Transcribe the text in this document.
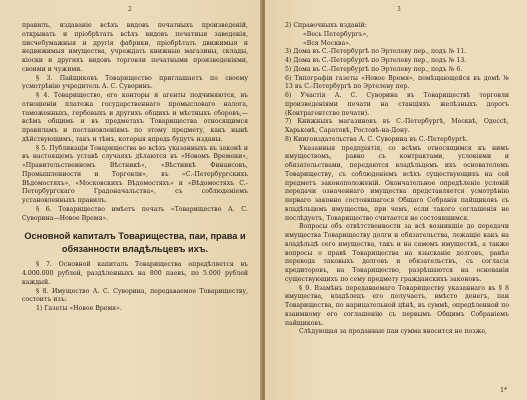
2

правилъ, издаваніе всѣхъ видовъ печатныхъ произведеній, открывать и пріобрѣтать всѣхъ видовъ печатныя заведенія, писчебумажныя и другія фабрики, пріобрѣтать движимыя и недвижимыя имущества, учреждать книжные магазины, склады, кіоски и другихъ видовъ торговли печатными произведеніями, своими и чужими.

§ 3. Пайщиковъ Товарищество приглашаетъ по своему усмотрѣнію учредитель А. С. Суворинъ.

§ 4. Товарищество, его конторы и агенты подчиняются, въ отношеніи платежа государственнаго промысловаго налога, таможенныхъ, гербовыхъ и другихъ общихъ и мѣстныхъ сборовъ,—всѣмъ общимъ и въ предметахъ Товарищества относящимся правиламъ и постановленіямъ по этому предмету, какъ нынѣ дѣйствующимъ, такъ и тѣмъ, которыя впредь будутъ изданы.

§ 5. Публикаціи Товарищества во всѣхъ указанныхъ въ законѣ и въ настоящемъ уставѣ случаяхъ дѣлаются въ «Новомъ Времени», «Правительственномъ Вѣстникѣ», «Вѣстникѣ Финансовъ, Промышленности и Торговли», въ «С.-Петербургскихъ Вѣдомостяхъ», «Московскихъ Вѣдомостяхъ» и «Вѣдомостяхъ С.-Петербургскаго Градоначальства», съ соблюденіемъ установленныхъ правилъ.

§ 6. Товарищество имѣетъ печать «Товарищество А. С. Суворина—Новое Время».

Основной капиталъ Товарищества, паи, права и обязанности владѣльцевъ ихъ.

§ 7. Основной капиталъ Товарищества опредѣляется въ 4.000.000 рублей, раздѣленныхъ на 800 паевъ, по 5.000 рублей каждый.

§ 8. Имущество А. С. Суворина, передаваемое Товариществу, состоитъ изъ:

1) Газеты «Новое Время».

3

2) Справочныхъ изданій:

«Весь Петербургъ»,

«Вся Москва».

3) Дома въ С.-Петербургѣ по Эртелеву пер., подъ № 11.

4) Дома въ С.-Петербургѣ по Эртелеву пер., подъ № 13.

5) Дома въ С.-Петербургѣ по Эртелеву пер., подъ № 6.

6) Типографіи газеты «Новое Время», помѣщающейся въ домѣ № 13 въ С.-Петербургѣ по Эртелеву пер.

6) Участія А. С. Суворина въ Товариществѣ торговли произведеніями печати на станціяхъ желѣзныхъ дорогъ (Контрагентство печати).

7) Книжныхъ магазиновъ въ С.-Петербургѣ, Москвѣ, Одессѣ, Харьковѣ, Саратовѣ, Ростовѣ-на-Дону.

8) Книгоиздательства А. С. Суворина въ С.-Петербургѣ.

Указанныя предпріятія, со всѣмъ относящимся къ нимъ имуществомъ, равно съ контрактами, условіями и обязательствами, передаются владѣльцемъ ихъ основателемъ Товариществу, съ соблюденіемъ всѣхъ существующихъ на сей предметъ законоположеній. Окончательное опредѣленіе условій передачи означеннаго имущества представляется усмотрѣнію перваго законно состоявшагося Общаго Собранія пайщиковъ съ владѣльцемъ имущества, при чемъ, если такого соглашенія не послѣдуетъ, Товарищество считается не состоявшимся.

Вопросы объ отвѣтственности за всѣ возникшіе до передачи имущества Товариществу долги и обязательства, лежащіе какъ на владѣльцѣ сего имущества, такъ и на самомъ имуществѣ, а также вопросы о правѣ Товарищества на взысканіе долговъ, ранѣе перевода таковыхъ долговъ и обязательствъ, съ согласія кредиторовъ, на Товарищество, разрѣшаются на основаніи существующихъ по сему предмету гражданскихъ законовъ.

§ 9. Взамѣнъ передаваемаго Товариществу указаннаго въ § 8 имущества, владѣлецъ его получаетъ, вмѣсто денегъ, паи Товарищества, по нарицательной цѣнѣ, въ суммѣ, опредѣленной по взаимному его соглашенію съ первымъ Общимъ Собраніемъ пайщиковъ.

Слѣдующая за проданные паи сумма вносится не позже,

1*
